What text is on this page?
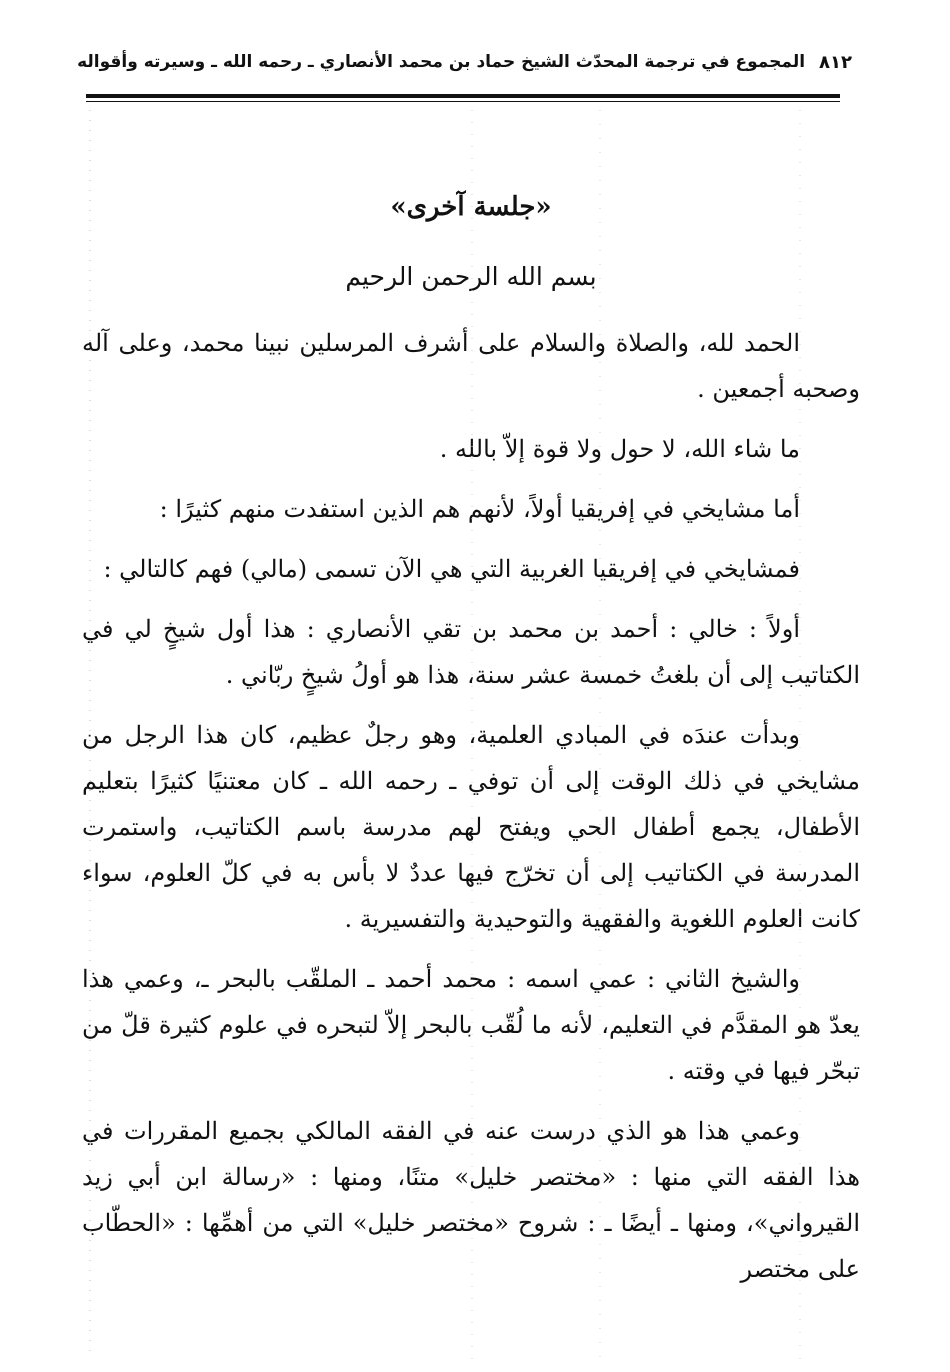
٨١٢
المجموع في ترجمة المحدّث الشيخ حماد بن محمد الأنصاري ـ رحمه الله ـ وسيرته وأقواله
«جلسة آخرى»
بسم الله الرحمن الرحيم

الحمد لله، والصلاة والسلام على أشرف المرسلين نبينا محمد، وعلى آله وصحبه أجمعين .

ما شاء الله، لا حول ولا قوة إلاّ بالله .

أما مشايخي في إفريقيا أولاً، لأنهم هم الذين استفدت منهم كثيرًا :

فمشايخي في إفريقيا الغربية التي هي الآن تسمى (مالي) فهم كالتالي :

أولاً : خالي : أحمد بن محمد بن تقي الأنصاري : هذا أول شيخٍ لي في الكتاتيب إلى أن بلغتُ خمسة عشر سنة، هذا هو أولُ شيخٍ ربّاني .

وبدأت عندَه في المبادي العلمية، وهو رجلٌ عظيم، كان هذا الرجل من مشايخي في ذلك الوقت إلى أن توفي ـ رحمه الله ـ كان معتنيًا كثيرًا بتعليم الأطفال، يجمع أطفال الحي ويفتح لهم مدرسة باسم الكتاتيب، واستمرت المدرسة في الكتاتيب إلى أن تخرّج فيها عددٌ لا بأس به في كلّ العلوم، سواء كانت العلوم اللغوية والفقهية والتوحيدية والتفسيرية .

والشيخ الثاني : عمي اسمه : محمد أحمد ـ الملقّب بالبحر ـ، وعمي هذا يعدّ هو المقدَّم في التعليم، لأنه ما لُقّب بالبحر إلاّ لتبحره في علوم كثيرة قلّ من تبحّر فيها في وقته .

وعمي هذا هو الذي درست عنه في الفقه المالكي بجميع المقررات في هذا الفقه التي منها : «مختصر خليل» متنًا، ومنها : «رسالة ابن أبي زيد القيرواني»، ومنها ـ أيضًا ـ : شروح «مختصر خليل» التي من أهمِّها : «الحطّاب على مختصر
